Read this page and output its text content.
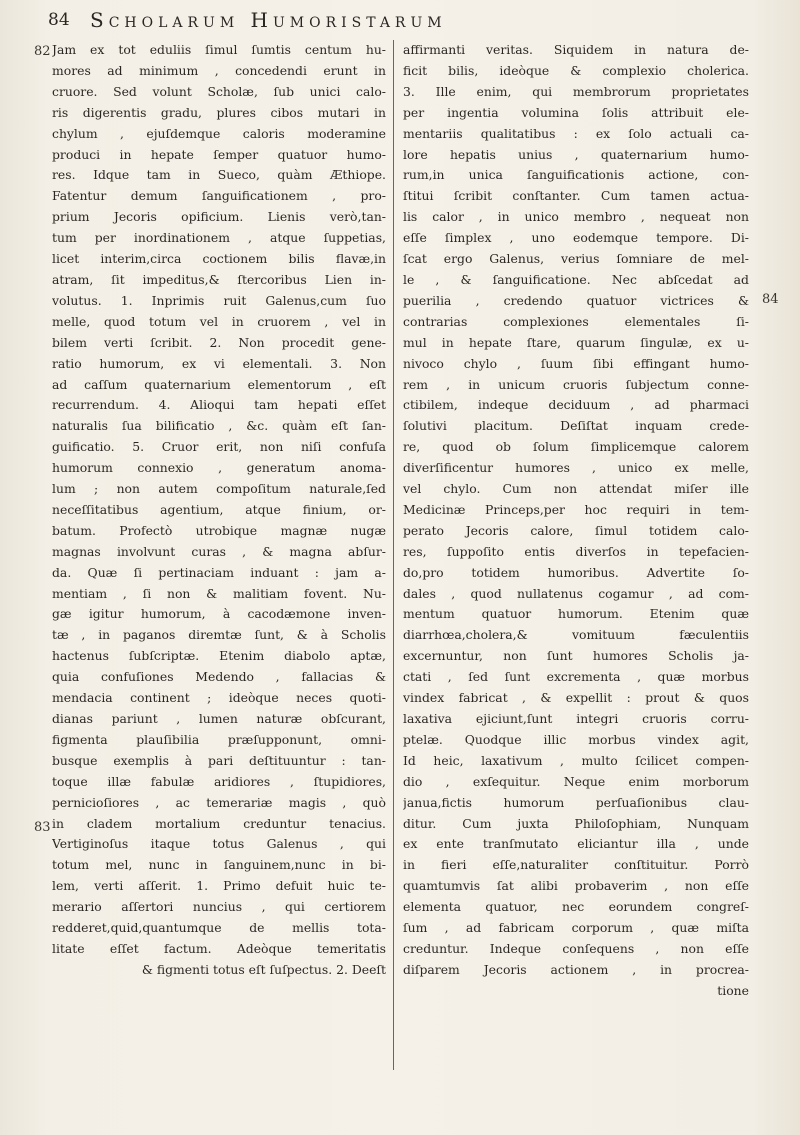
84 Scholarum Humoristarum
82
83
84
Jam ex tot eduliis ſimul ſumtis centum hu-
mores ad minimum , concedendi erunt in
cruore. Sed volunt Scholæ, ſub unici calo-
ris digerentis gradu, plures cibos mutari in
chylum , ejuſdemque caloris moderamine
produci in hepate ſemper quatuor humo-
res. Idque tam in Sueco, quàm Æthiope.
Fatentur demum ſanguificationem , pro-
prium Jecoris opificium. Lienis verò,tan-
tum per inordinationem , atque ſuppetias,
licet interim,circa coctionem bilis flavæ,in
atram, ſit impeditus,& ſtercoribus Lien in-
volutus. 1. Inprimis ruit Galenus,cum ſuo
melle, quod totum vel in cruorem , vel in
bilem verti ſcribit. 2. Non procedit gene-
ratio humorum, ex vi elementali. 3. Non
ad caſſum quaternarium elementorum , eſt
recurrendum. 4. Alioqui tam hepati eſſet
naturalis ſua bilificatio , &c. quàm eſt ſan-
guificatio. 5. Cruor erit, non niſi confuſa
humorum connexio , generatum anoma-
lum ; non autem compoſitum naturale,ſed
neceſſitatibus agentium, atque finium, or-
batum. Profectò utrobique magnæ nugæ
magnas involvunt curas , & magna abſur-
da. Quæ ſi pertinaciam induant : jam a-
mentiam , ſi non & malitiam fovent. Nu-
gæ igitur humorum, à cacodæmone inven-
tæ , in paganos diremtæ ſunt, & à Scholis
hactenus ſubſcriptæ. Etenim diabolo aptæ,
quia confuſiones Medendo , fallacias &
mendacia continent ; ideòque neces quoti-
dianas pariunt , lumen naturæ obſcurant,
figmenta plauſibilia præſupponunt, omni-
busque exemplis à pari deſtituuntur : tan-
toque illæ fabulæ aridiores , ſtupidiores,
pernicioſiores , ac temerariæ magis , quò
in cladem mortalium creduntur tenacius.
Vertiginoſus itaque totus Galenus , qui
totum mel, nunc in ſanguinem,nunc in bi-
lem, verti aſſerit. 1. Primo defuit huic te-
merario aſſertori nuncius , qui certiorem
redderet,quid,quantumque de mellis tota-
litate eſſet factum. Adeòque temeritatis
& figmenti totus eſt ſuſpectus. 2. Deeſt
affirmanti veritas. Siquidem in natura de-
ficit bilis, ideòque & complexio cholerica.
3. Ille enim, qui membrorum proprietates
per ingentia volumina ſolis attribuit ele-
mentariis qualitatibus : ex ſolo actuali ca-
lore hepatis unius , quaternarium humo-
rum,in unica ſanguificationis actione, con-
ſtitui ſcribit conſtanter. Cum tamen actua-
lis calor , in unico membro , nequeat non
eſſe ſimplex , uno eodemque tempore. Di-
ſcat ergo Galenus, verius ſomniare de mel-
le , & ſanguificatione. Nec abſcedat ad
puerilia , credendo quatuor victrices &
contrarias complexiones elementales ſi-
mul in hepate ſtare, quarum ſingulæ, ex u-
nivoco chylo , ſuum ſibi effingant humo-
rem , in unicum cruoris ſubjectum conne-
ctibilem, indeque deciduum , ad pharmaci
ſolutivi placitum. Deſiſtat inquam crede-
re, quod ob ſolum ſimplicemque calorem
diverſificentur humores , unico ex melle,
vel chylo. Cum non attendat miſer ille
Medicinæ Princeps,per hoc requiri in tem-
perato Jecoris calore, ſimul totidem calo-
res, ſuppoſito entis diverſos in tepefacien-
do,pro totidem humoribus. Advertite ſo-
dales , quod nullatenus cogamur , ad com-
mentum quatuor humorum. Etenim quæ
diarrhœa,cholera,& vomituum fæculentiis
excernuntur, non ſunt humores Scholis ja-
ctati , ſed ſunt excrementa , quæ morbus
vindex fabricat , & expellit : prout & quos
laxativa ejiciunt,ſunt integri cruoris corru-
ptelæ. Quodque illic morbus vindex agit,
Id heic, laxativum , multo ſcilicet compen-
dio , exſequitur. Neque enim morborum
janua,fictis humorum perſuaſionibus clau-
ditur. Cum juxta Philoſophiam, Nunquam
ex ente tranſmutato eliciantur illa , unde
in fieri eſſe,naturaliter conſtituitur. Porrò
quamtumvis ſat alibi probaverim , non eſſe
elementa quatuor, nec eorundem congreſ-
ſum , ad fabricam corporum , quæ miſta
creduntur. Indeque conſequens , non eſſe
diſparem Jecoris actionem , in procrea-
tione
